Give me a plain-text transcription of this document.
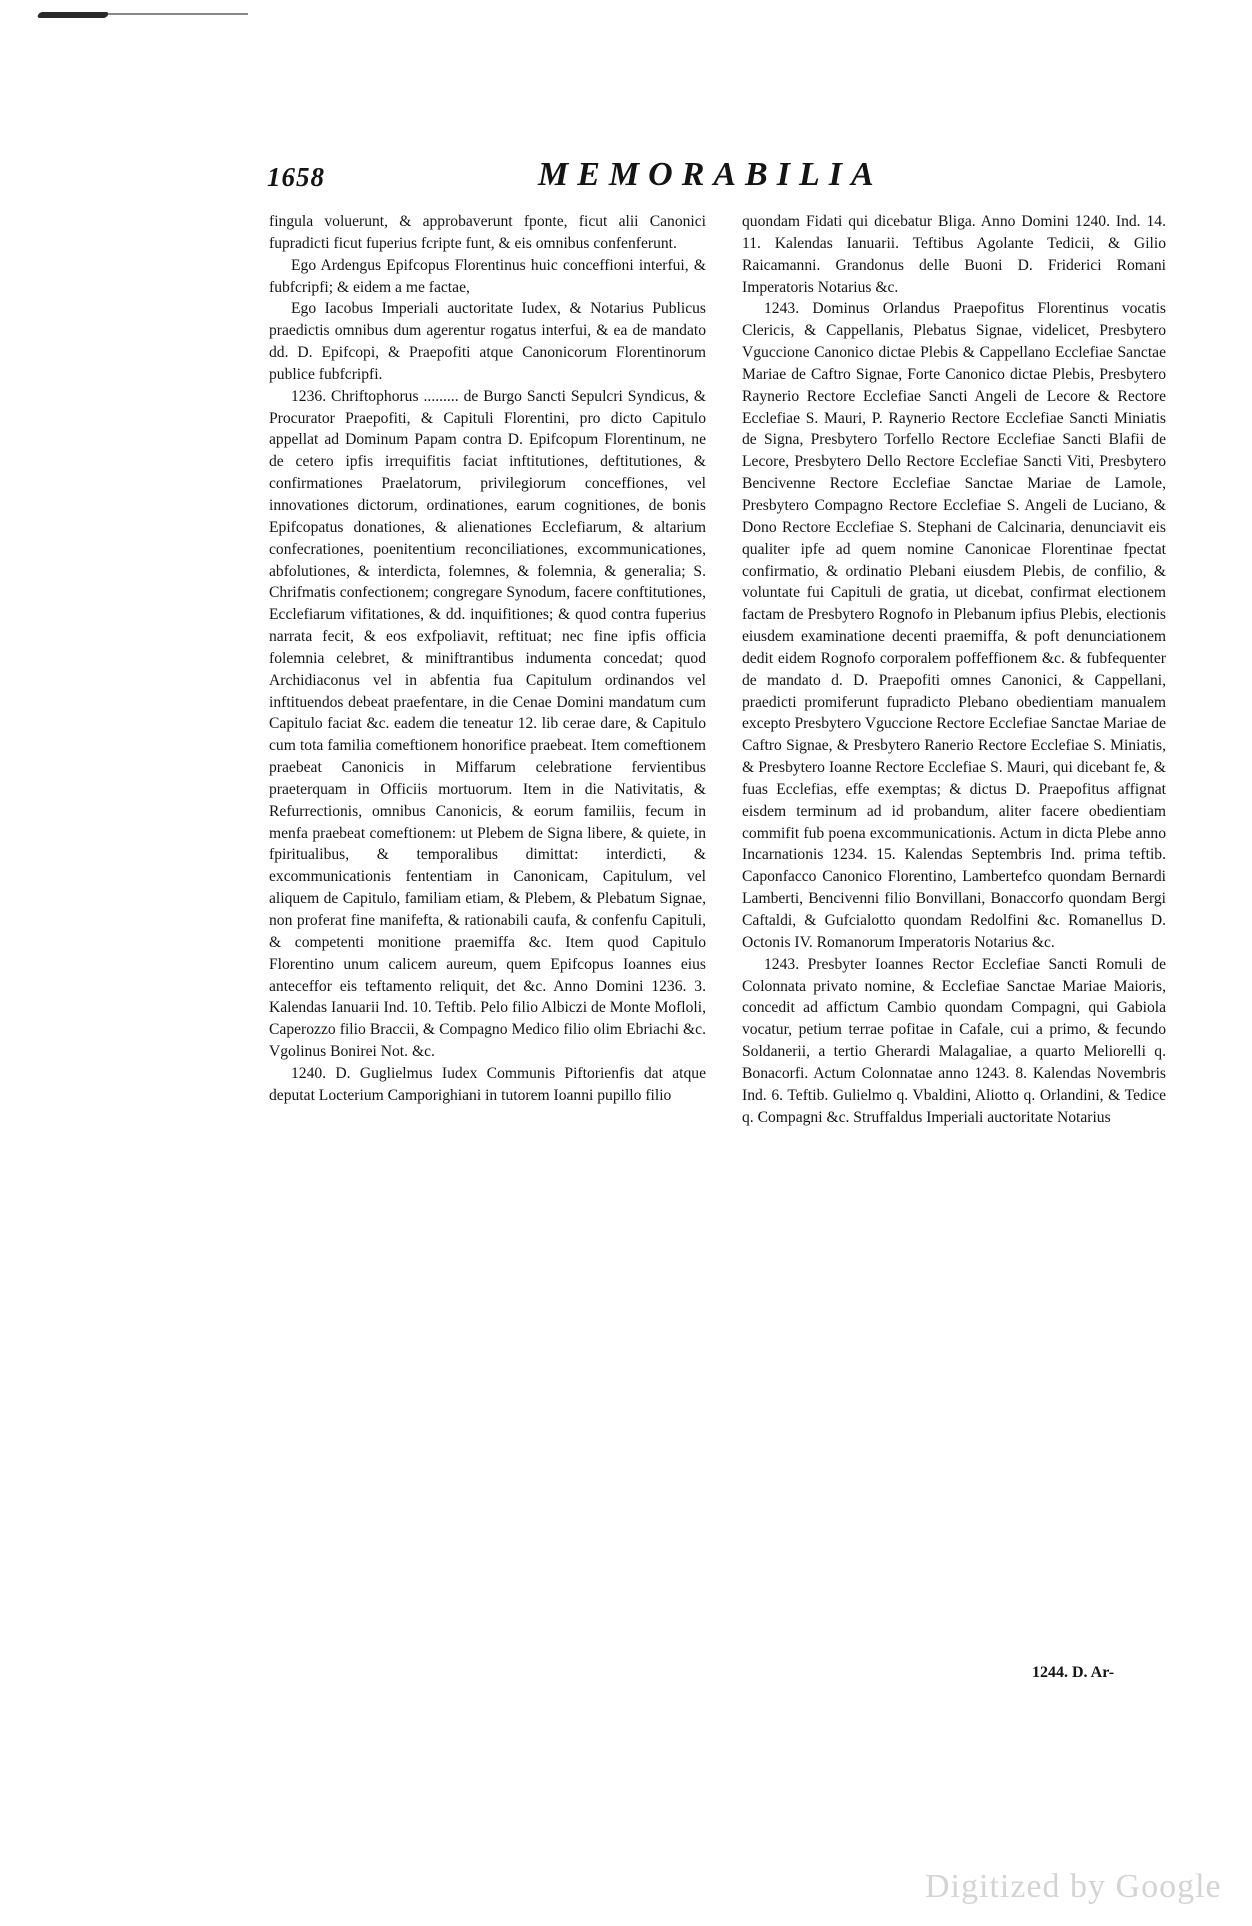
1658	MEMORABILIA

fingula voluerunt, & approbaverunt fponte, ficut alii Canonici fupradicti ficut fuperius fcripte funt, & eis omnibus confenferunt.

Ego Ardengus Epifcopus Florentinus huic conceffioni interfui, & fubfcripfi; & eidem a me factae,

Ego Iacobus Imperiali auctoritate Iudex, & Notarius Publicus praedictis omnibus dum agerentur rogatus interfui, & ea de mandato dd. D. Epifcopi, & Praepofiti atque Canonicorum Florentinorum publice fubfcripfi.

1236. Chriftophorus ......... de Burgo Sancti Sepulcri Syndicus, & Procurator Praepofiti, & Capituli Florentini, pro dicto Capitulo appellat ad Dominum Papam contra D. Epifcopum Florentinum, ne de cetero ipfis irrequifitis faciat inftitutiones, deftitutiones, & confirmationes Praelatorum, privilegiorum conceffiones, vel innovationes dictorum, ordinationes, earum cognitiones, de bonis Epifcopatus donationes, & alienationes Ecclefiarum, & altarium confecrationes, poenitentium reconciliationes, excommunicationes, abfolutiones, & interdicta, folemnes, & folemnia, & generalia; S. Chrifmatis confectionem; congregare Synodum, facere conftitutiones, Ecclefiarum vifitationes, & dd. inquifitiones; & quod contra fuperius narrata fecit, & eos exfpoliavit, reftituat; nec fine ipfis officia folemnia celebret, & miniftrantibus indumenta concedat; quod Archidiaconus vel in abfentia fua Capitulum ordinandos vel inftituendos debeat praefentare, in die Cenae Domini mandatum cum Capitulo faciat &c. eadem die teneatur 12. lib cerae dare, & Capitulo cum tota familia comeftionem honorifice praebeat. Item comeftionem praebeat Canonicis in Miffarum celebratione fervientibus praeterquam in Officiis mortuorum. Item in die Nativitatis, & Refurrectionis, omnibus Canonicis, & eorum familiis, fecum in menfa praebeat comeftionem: ut Plebem de Signa libere, & quiete, in fpiritualibus, & temporalibus dimittat: interdicti, & excommunicationis fententiam in Canonicam, Capitulum, vel aliquem de Capitulo, familiam etiam, & Plebem, & Plebatum Signae, non proferat fine manifefta, & rationabili caufa, & confenfu Capituli, & competenti monitione praemiffa &c. Item quod Capitulo Florentino unum calicem aureum, quem Epifcopus Ioannes eius anteceffor eis teftamento reliquit, det &c. Anno Domini 1236. 3. Kalendas Ianuarii Ind. 10. Teftib. Pelo filio Albiczi de Monte Mofloli, Caperozzo filio Braccii, & Compagno Medico filio olim Ebriachi &c. Vgolinus Bonirei Not. &c.

1240. D. Guglielmus Iudex Communis Piftorienfis dat atque deputat Locterium Camporighiani in tutorem Ioanni pupillo filio

quondam Fidati qui dicebatur Bliga. Anno Domini 1240. Ind. 14. 11. Kalendas Ianuarii. Teftibus Agolante Tedicii, & Gilio Raicamanni. Grandonus delle Buoni D. Friderici Romani Imperatoris Notarius &c.

1243. Dominus Orlandus Praepofitus Florentinus vocatis Clericis, & Cappellanis, Plebatus Signae, videlicet, Presbytero Vguccione Canonico dictae Plebis & Cappellano Ecclefiae Sanctae Mariae de Caftro Signae, Forte Canonico dictae Plebis, Presbytero Raynerio Rectore Ecclefiae Sancti Angeli de Lecore & Rectore Ecclefiae S. Mauri, P. Raynerio Rectore Ecclefiae Sancti Miniatis de Signa, Presbytero Torfello Rectore Ecclefiae Sancti Blafii de Lecore, Presbytero Dello Rectore Ecclefiae Sancti Viti, Presbytero Bencivenne Rectore Ecclefiae Sanctae Mariae de Lamole, Presbytero Compagno Rectore Ecclefiae S. Angeli de Luciano, & Dono Rectore Ecclefiae S. Stephani de Calcinaria, denunciavit eis qualiter ipfe ad quem nomine Canonicae Florentinae fpectat confirmatio, & ordinatio Plebani eiusdem Plebis, de confilio, & voluntate fui Capituli de gratia, ut dicebat, confirmat electionem factam de Presbytero Rognofo in Plebanum ipfius Plebis, electionis eiusdem examinatione decenti praemiffa, & poft denunciationem dedit eidem Rognofo corporalem poffeffionem &c. & fubfequenter de mandato d. D. Praepofiti omnes Canonici, & Cappellani, praedicti promiferunt fupradicto Plebano obedientiam manualem excepto Presbytero Vguccione Rectore Ecclefiae Sanctae Mariae de Caftro Signae, & Presbytero Ranerio Rectore Ecclefiae S. Miniatis, & Presbytero Ioanne Rectore Ecclefiae S. Mauri, qui dicebant fe, & fuas Ecclefias, effe exemptas; & dictus D. Praepofitus affignat eisdem terminum ad id probandum, aliter facere obedientiam commifit fub poena excommunicationis. Actum in dicta Plebe anno Incarnationis 1234. 15. Kalendas Septembris Ind. prima teftib. Caponfacco Canonico Florentino, Lambertefco quondam Bernardi Lamberti, Bencivenni filio Bonvillani, Bonaccorfo quondam Bergi Caftaldi, & Gufcialotto quondam Redolfini &c. Romanellus D. Octonis IV. Romanorum Imperatoris Notarius &c.

1243. Presbyter Ioannes Rector Ecclefiae Sancti Romuli de Colonnata privato nomine, & Ecclefiae Sanctae Mariae Maioris, concedit ad affictum Cambio quondam Compagni, qui Gabiola vocatur, petium terrae pofitae in Cafale, cui a primo, & fecundo Soldanerii, a tertio Gherardi Malagaliae, a quarto Meliorelli q. Bonacorfi. Actum Colonnatae anno 1243. 8. Kalendas Novembris Ind. 6. Teftib. Gulielmo q. Vbaldini, Aliotto q. Orlandini, & Tedice q. Compagni &c. Struffaldus Imperiali auctoritate Notarius

1244. D. Ar-
Digitized by Google
